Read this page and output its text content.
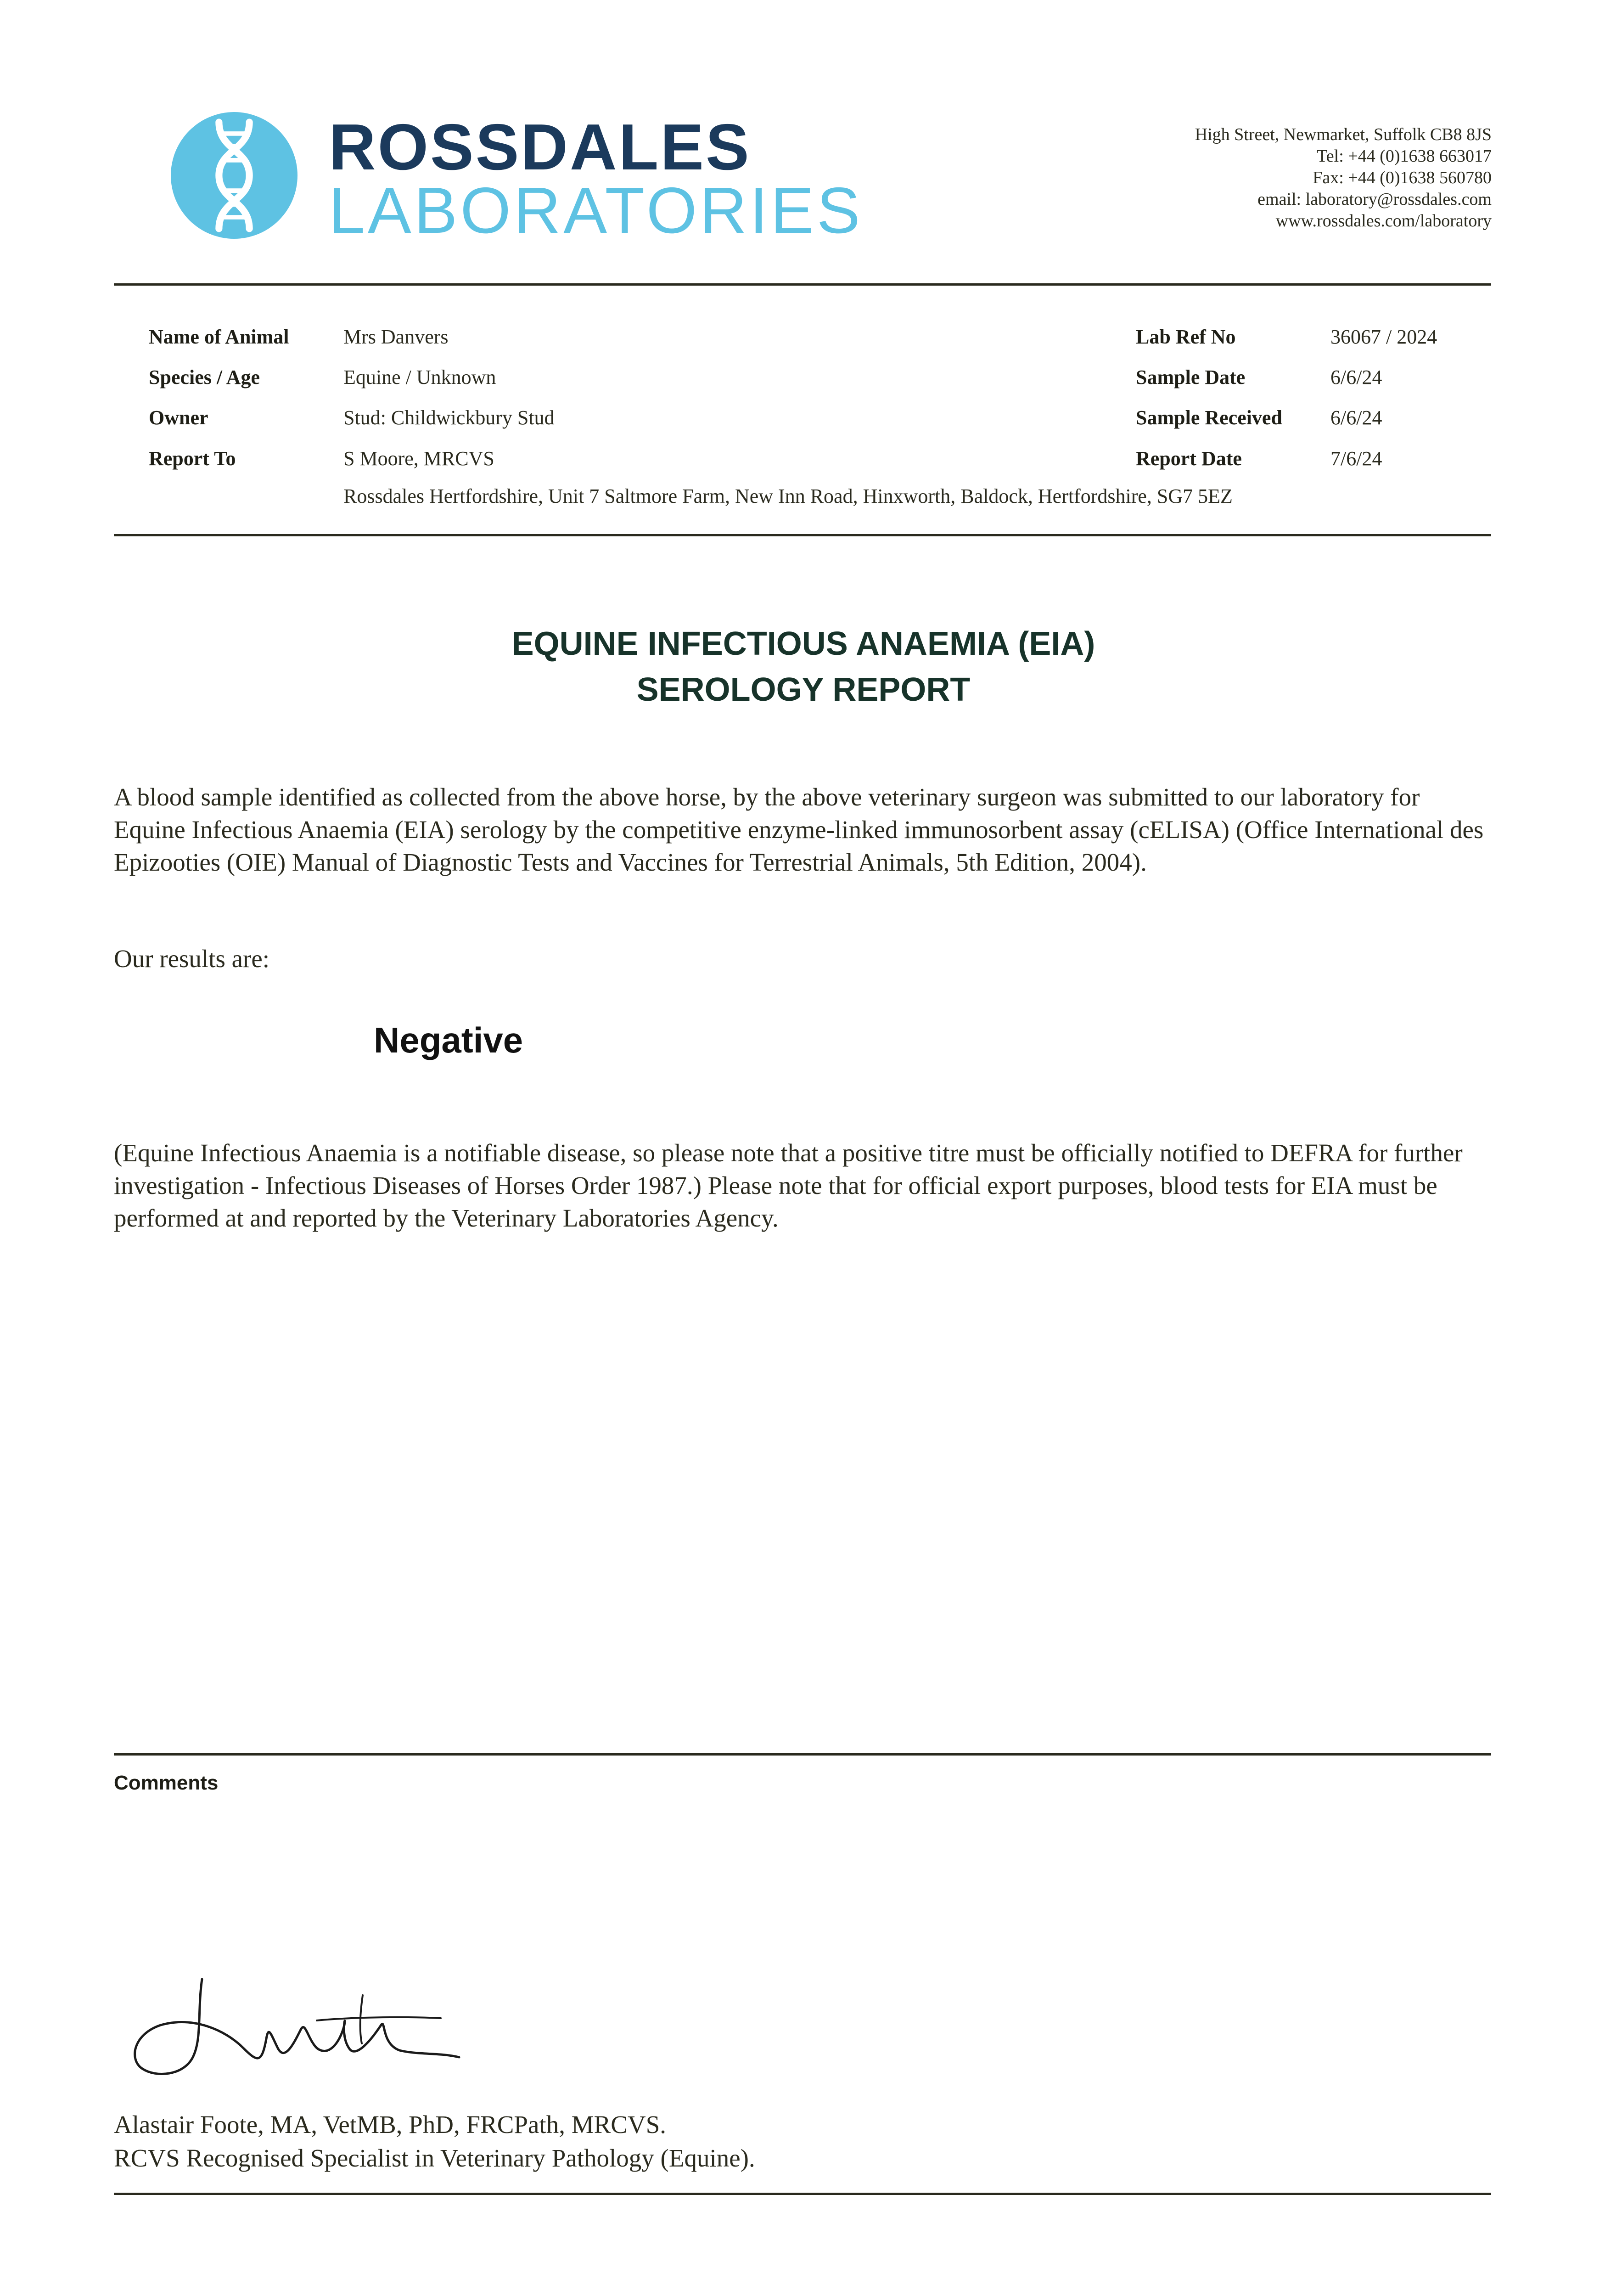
ROSSDALES
LABORATORIES
High Street, Newmarket, Suffolk CB8 8JS
Tel: +44 (0)1638 663017
Fax: +44 (0)1638 560780
email: laboratory@rossdales.com
www.rossdales.com/laboratory
Name of Animal	Mrs Danvers
Species / Age	Equine / Unknown
Owner	Stud: Childwickbury Stud
Report To	S Moore, MRCVS
Rossdales Hertfordshire, Unit 7 Saltmore Farm, New Inn Road, Hinxworth, Baldock, Hertfordshire, SG7 5EZ
Lab Ref No	36067 / 2024
Sample Date	6/6/24
Sample Received 6/6/24
Report Date	7/6/24
EQUINE INFECTIOUS ANAEMIA (EIA)
SEROLOGY REPORT
A blood sample identified as collected from the above horse, by the above veterinary surgeon was submitted to our laboratory for Equine Infectious Anaemia (EIA) serology by the competitive enzyme-linked immunosorbent assay (cELISA) (Office International des Epizooties (OIE) Manual of Diagnostic Tests and Vaccines for Terrestrial Animals, 5th Edition, 2004).
Our results are:
Negative
(Equine Infectious Anaemia is a notifiable disease, so please note that a positive titre must be officially notified to DEFRA for further investigation - Infectious Diseases of Horses Order 1987.) Please note that for official export purposes, blood tests for EIA must be performed at and reported by the Veterinary Laboratories Agency.
Comments
Alastair Foote, MA, VetMB, PhD, FRCPath, MRCVS.
RCVS Recognised Specialist in Veterinary Pathology (Equine).
